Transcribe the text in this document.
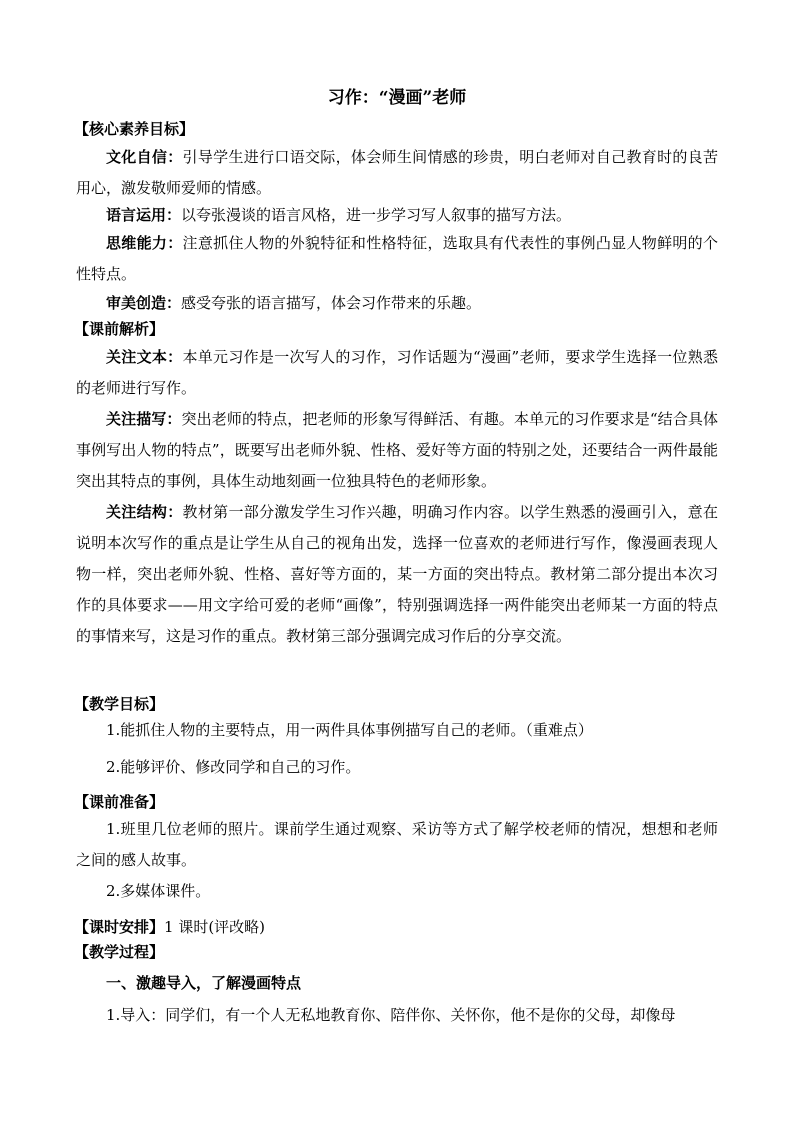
习作：“漫画”老师
【核心素养目标】
文化自信：引导学生进行口语交际，体会师生间情感的珍贵，明白老师对自己教育时的良苦用心，激发敬师爱师的情感。
语言运用：以夸张漫谈的语言风格，进一步学习写人叙事的描写方法。
思维能力：注意抓住人物的外貌特征和性格特征，选取具有代表性的事例凸显人物鲜明的个性特点。
审美创造：感受夸张的语言描写，体会习作带来的乐趣。
【课前解析】
关注文本：本单元习作是一次写人的习作，习作话题为“漫画”老师，要求学生选择一位熟悉的老师进行写作。
关注描写：突出老师的特点，把老师的形象写得鲜活、有趣。本单元的习作要求是“结合具体事例写出人物的特点”，既要写出老师外貌、性格、爱好等方面的特别之处，还要结合一两件最能突出其特点的事例，具体生动地刻画一位独具特色的老师形象。
关注结构：教材第一部分激发学生习作兴趣，明确习作内容。以学生熟悉的漫画引入，意在说明本次写作的重点是让学生从自己的视角出发，选择一位喜欢的老师进行写作，像漫画表现人物一样，突出老师外貌、性格、喜好等方面的，某一方面的突出特点。教材第二部分提出本次习作的具体要求——用文字给可爱的老师“画像”，特别强调选择一两件能突出老师某一方面的特点的事情来写，这是习作的重点。教材第三部分强调完成习作后的分享交流。
【教学目标】
1.能抓住人物的主要特点，用一两件具体事例描写自己的老师。（重难点）
2.能够评价、修改同学和自己的习作。
【课前准备】
1.班里几位老师的照片。课前学生通过观察、采访等方式了解学校老师的情况，想想和老师之间的感人故事。
2.多媒体课件。
【课时安排】1 课时(评改略)
【教学过程】
一、激趣导入，了解漫画特点
1.导入：同学们，有一个人无私地教育你、陪伴你、关怀你，他不是你的父母，却像母
